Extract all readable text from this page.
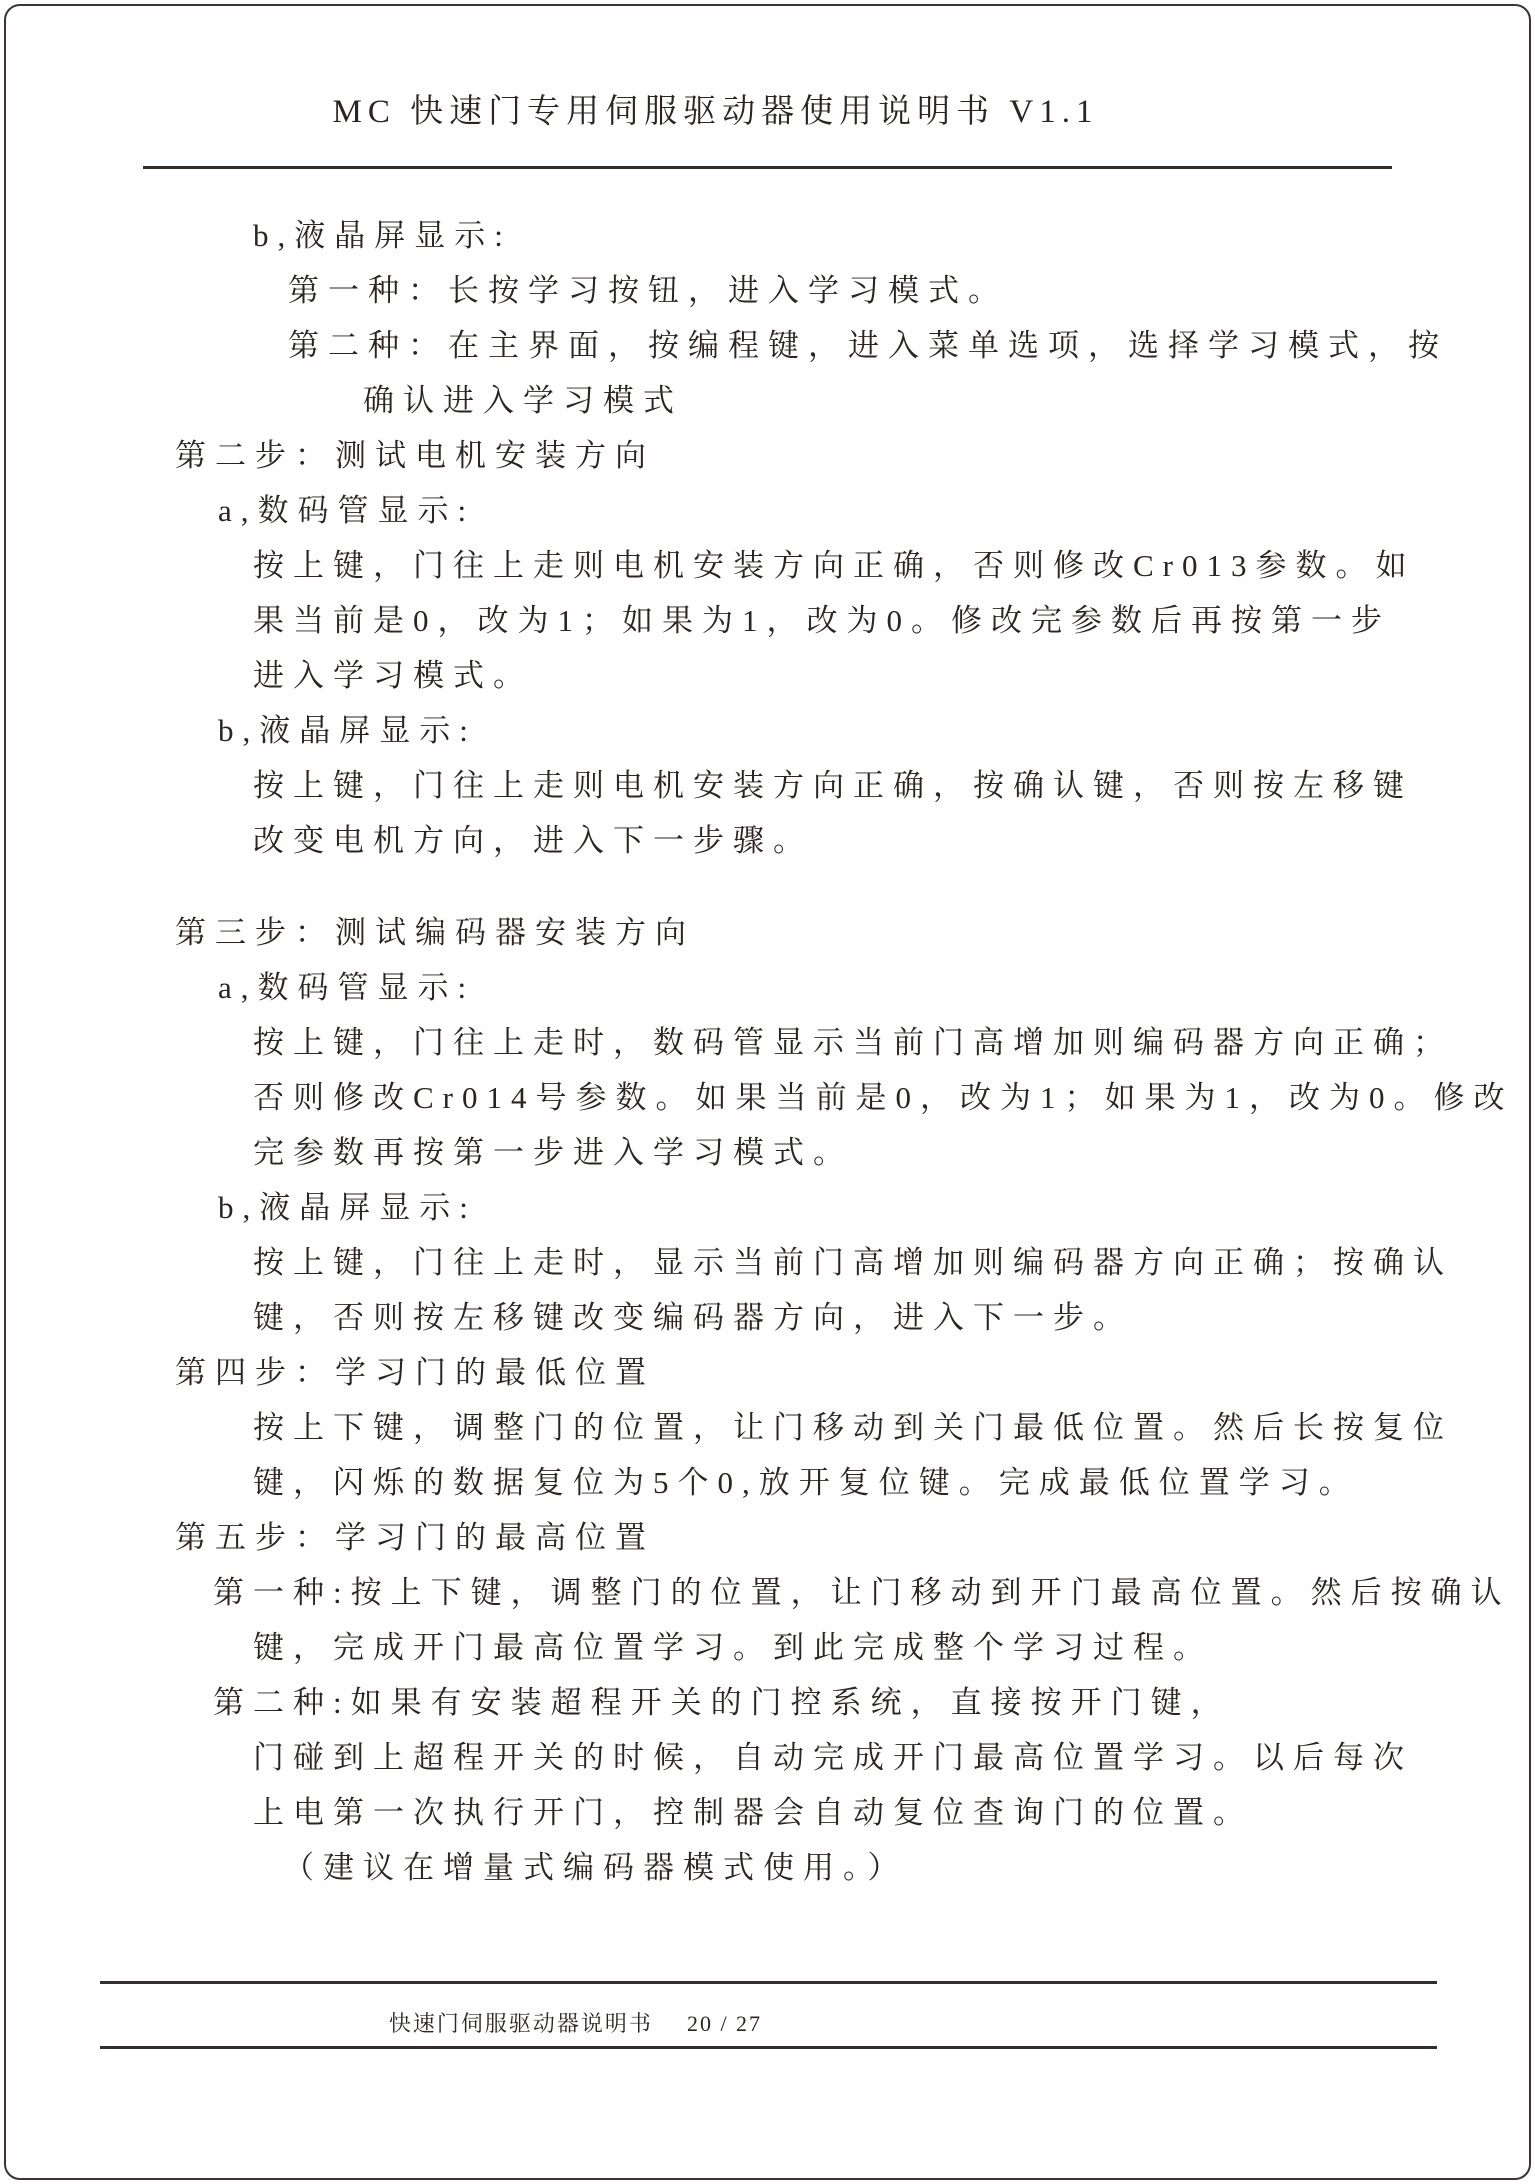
MC 快速门专用伺服驱动器使用说明书 V1.1
b,液晶屏显示:
第一种：长按学习按钮，进入学习模式。
第二种：在主界面，按编程键，进入菜单选项，选择学习模式，按
确认进入学习模式
第二步：测试电机安装方向
a,数码管显示:
按上键，门往上走则电机安装方向正确，否则修改Cr013参数。如
果当前是0，改为1；如果为1，改为0。修改完参数后再按第一步
进入学习模式。
b,液晶屏显示:
按上键，门往上走则电机安装方向正确，按确认键，否则按左移键
改变电机方向，进入下一步骤。
第三步：测试编码器安装方向
a,数码管显示:
按上键，门往上走时，数码管显示当前门高增加则编码器方向正确；
否则修改Cr014号参数。如果当前是0，改为1；如果为1，改为0。修改
完参数再按第一步进入学习模式。
b,液晶屏显示:
按上键，门往上走时，显示当前门高增加则编码器方向正确；按确认
键，否则按左移键改变编码器方向，进入下一步。
第四步：学习门的最低位置
按上下键，调整门的位置，让门移动到关门最低位置。然后长按复位
键，闪烁的数据复位为5个0,放开复位键。完成最低位置学习。
第五步：学习门的最高位置
第一种:按上下键，调整门的位置，让门移动到开门最高位置。然后按确认
键，完成开门最高位置学习。到此完成整个学习过程。
第二种:如果有安装超程开关的门控系统，直接按开门键，
门碰到上超程开关的时候，自动完成开门最高位置学习。以后每次
上电第一次执行开门，控制器会自动复位查询门的位置。
（建议在增量式编码器模式使用。）
快速门伺服驱动器说明书 20 / 27
